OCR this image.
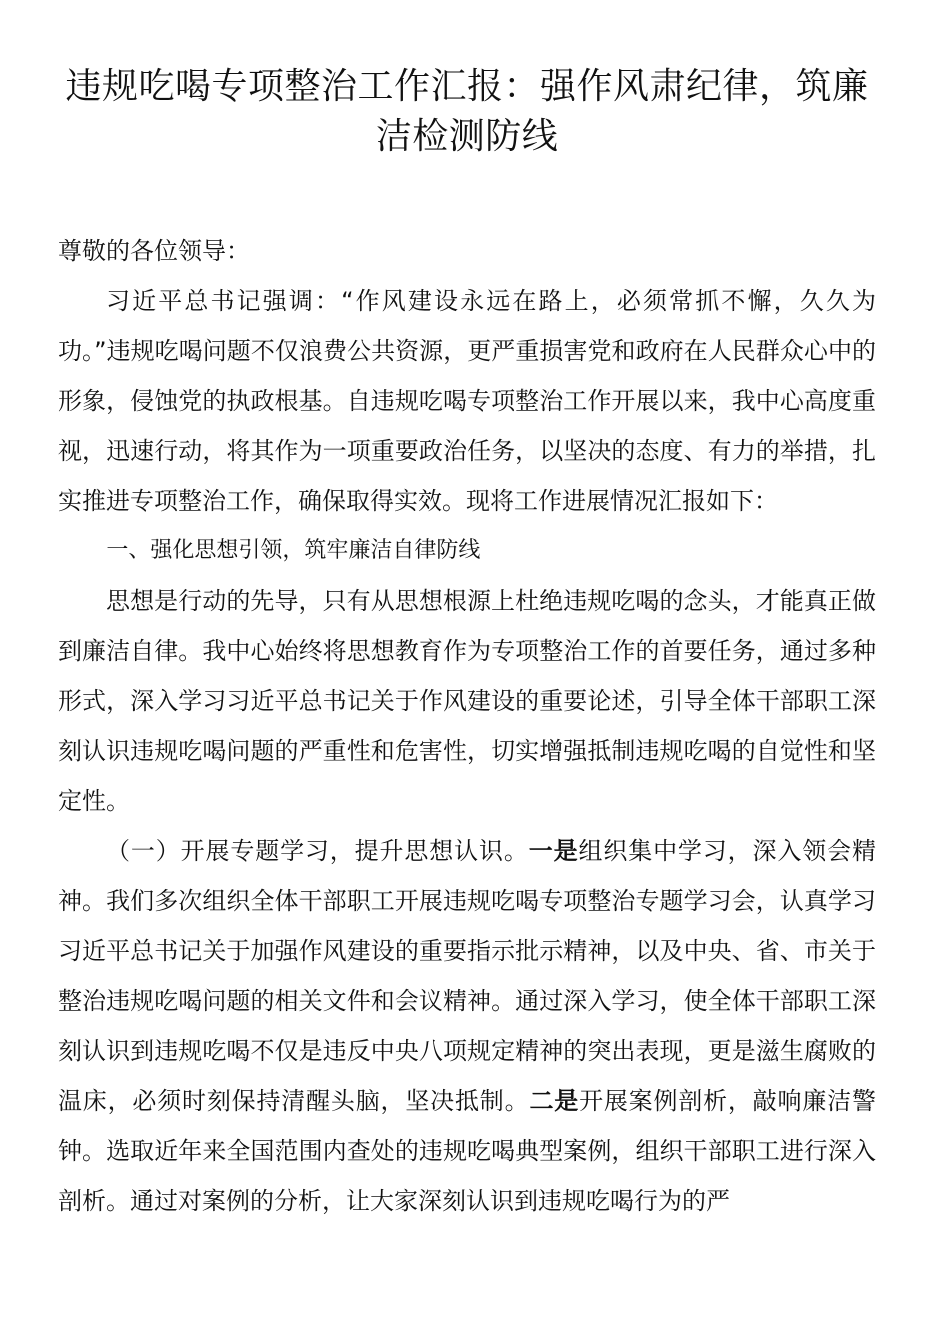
违规吃喝专项整治工作汇报：强作风肃纪律，筑廉洁检测防线

尊敬的各位领导：

习近平总书记强调：“作风建设永远在路上，必须常抓不懈，久久为功。”违规吃喝问题不仅浪费公共资源，更严重损害党和政府在人民群众心中的形象，侵蚀党的执政根基。自违规吃喝专项整治工作开展以来，我中心高度重视，迅速行动，将其作为一项重要政治任务，以坚决的态度、有力的举措，扎实推进专项整治工作，确保取得实效。现将工作进展情况汇报如下：

一、强化思想引领，筑牢廉洁自律防线

思想是行动的先导，只有从思想根源上杜绝违规吃喝的念头，才能真正做到廉洁自律。我中心始终将思想教育作为专项整治工作的首要任务，通过多种形式，深入学习习近平总书记关于作风建设的重要论述，引导全体干部职工深刻认识违规吃喝问题的严重性和危害性，切实增强抵制违规吃喝的自觉性和坚定性。

（一）开展专题学习，提升思想认识。一是组织集中学习，深入领会精神。我们多次组织全体干部职工开展违规吃喝专项整治专题学习会，认真学习习近平总书记关于加强作风建设的重要指示批示精神，以及中央、省、市关于整治违规吃喝问题的相关文件和会议精神。通过深入学习，使全体干部职工深刻认识到违规吃喝不仅是违反中央八项规定精神的突出表现，更是滋生腐败的温床，必须时刻保持清醒头脑，坚决抵制。二是开展案例剖析，敲响廉洁警钟。选取近年来全国范围内查处的违规吃喝典型案例，组织干部职工进行深入剖析。通过对案例的分析，让大家深刻认识到违规吃喝行为的严
